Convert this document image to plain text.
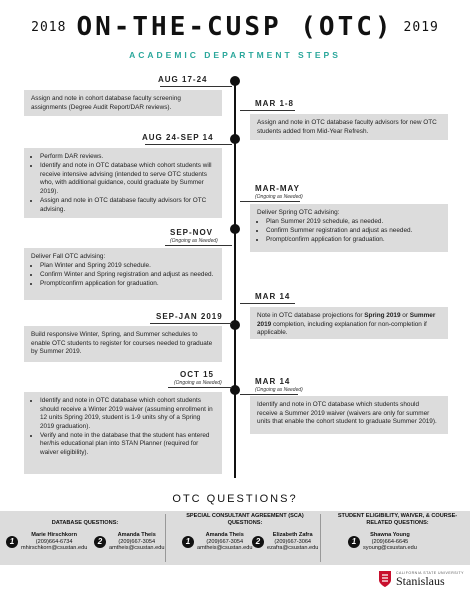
2018 ON-THE-CUSP (OTC) 2019
ACADEMIC DEPARTMENT STEPS
AUG 17-24
Assign and note in cohort database faculty screening assignments (Degree Audit Report/DAR reviews).	MAR 1-8
Assign and note in OTC database faculty advisors for new OTC students added from Mid-Year Refresh.
AUG 24-SEP 14
• Perform DAR reviews.
• Identify and note in OTC database which cohort students will receive intensive advising (intended to serve OTC students who, with additional guidance, could graduate by Summer 2019).
• Assign and note in OTC database faculty advisors for OTC advising.
MAR-MAY
(Ongoing as Needed)
Deliver Spring OTC advising:
• Plan Summer 2019 schedule, as needed.
• Confirm Summer registration and adjust as needed.
• Prompt/confirm application for graduation.
SEP-NOV
(Ongoing as Needed)
Deliver Fall OTC advising:
• Plan Winter and Spring 2019 schedule.
• Confirm Winter and Spring registration and adjust as needed.
• Prompt/confirm application for graduation.
MAR 14
Note in OTC database projections for Spring 2019 or Summer 2019 completion, including explanation for non-completion if applicable.
SEP-JAN 2019
Build responsive Winter, Spring, and Summer schedules to enable OTC students to register for courses needed to graduate by Summer 2019.
OCT 15
(Ongoing as Needed)
• Identify and note in OTC database which cohort students should receive a Winter 2019 waiver (assuming enrollment in 12 units Spring 2019, student is 1-9 units shy of a Spring 2019 graduation).
• Verify and note in the database that the student has entered her/his educational plan into STAN Planner (required for waiver eligibility).
MAR 14
(Ongoing as Needed)
Identify and note in OTC database which students should receive a Summer 2019 waiver (waivers are only for summer units that enable the cohort student to graduate Summer 2019).
OTC QUESTIONS?
DATABASE QUESTIONS:
SPECIAL CONSULTANT AGREEMENT (SCA) QUESTIONS:
STUDENT ELIGIBILITY, WAIVER, & COURSE-RELATED QUESTIONS:
1
Marie Hirschkorn
(209)664-6734
mhirschkorn@csustan.edu
2
Amanda Theis
(209)667-3054
amtheis@csustan.edu
1
Amanda Theis
(209)667-3054
amtheis@csustan.edu
2
Elizabeth Zafra
(209)667-3064
ezafra@csustan.edu
1
Shawna Young
(209)664-6645
syoung@csustan.edu
CALIFORNIA STATE UNIVERSITY
Stanislaus
